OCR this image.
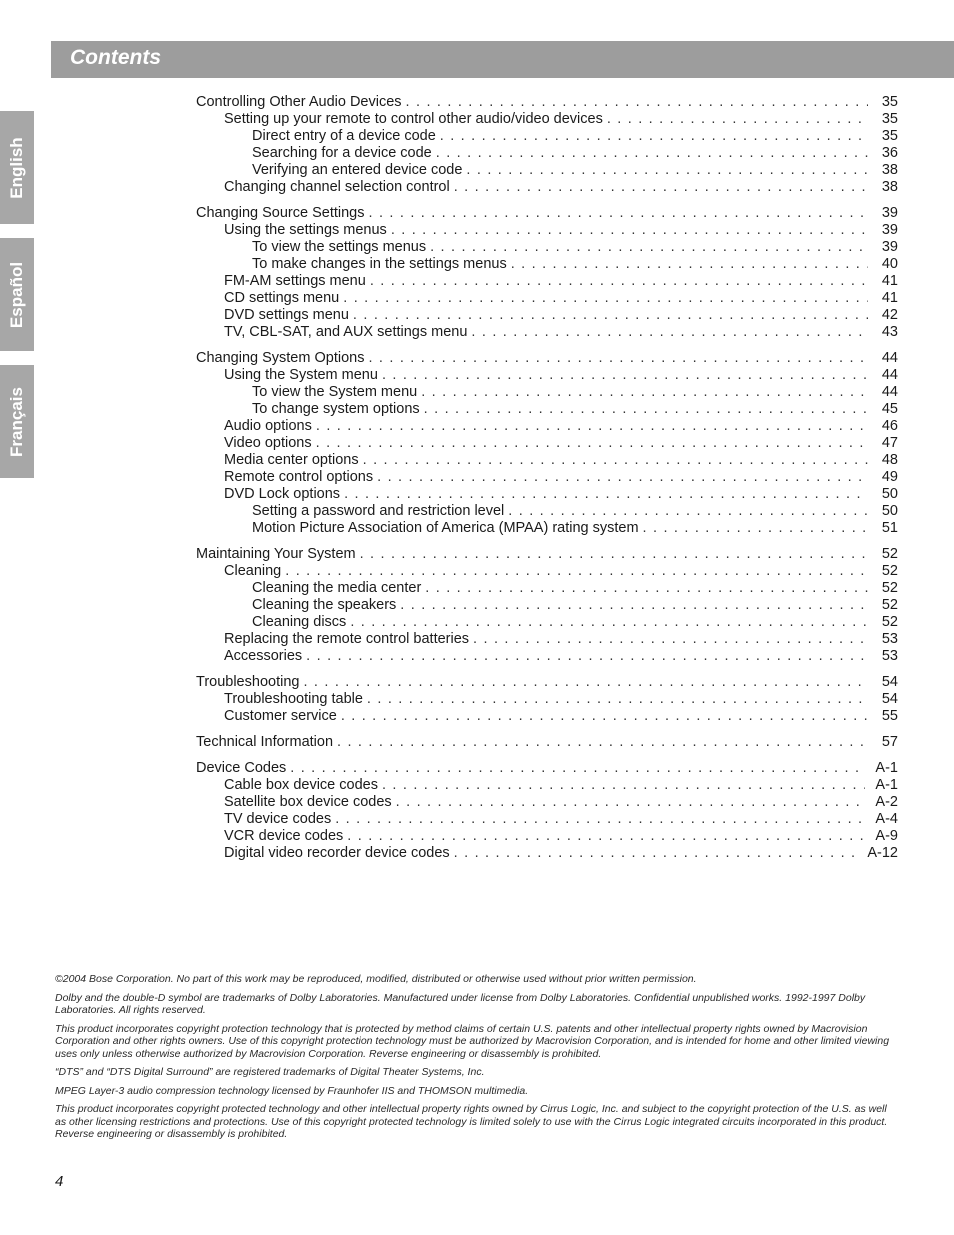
Contents
English
Español
Français
Controlling Other Audio Devices . . .	35
Setting up your remote to control other audio/video devices . . .	35
Direct entry of a device code . . .	35
Searching for a device code . . .	36
Verifying an entered device code . . .	38
Changing channel selection control . . .	38
Changing Source Settings . . .	39
Using the settings menus . . .	39
To view the settings menus . . .	39
To make changes in the settings menus . . .	40
FM-AM settings menu . . .	41
CD settings menu . . .	41
DVD settings menu . . .	42
TV, CBL-SAT, and AUX settings menu . . .	43
Changing System Options . . .	44
Using the System menu . . .	44
To view the System menu . . .	44
To change system options . . .	45
Audio options . . .	46
Video options . . .	47
Media center options . . .	48
Remote control options . . .	49
DVD Lock options . . .	50
Setting a password and restriction level . . .	50
Motion Picture Association of America (MPAA) rating system . . .	51
Maintaining Your System . . .	52
Cleaning . . .	52
Cleaning the media center . . .	52
Cleaning the speakers . . .	52
Cleaning discs . . .	52
Replacing the remote control batteries . . .	53
Accessories . . .	53
Troubleshooting . . .	54
Troubleshooting table . . .	54
Customer service . . .	55
Technical Information . . .	57
Device Codes . . .	A-1
Cable box device codes . . .	A-1
Satellite box device codes . . .	A-2
TV device codes . . .	A-4
VCR device codes . . .	A-9
Digital video recorder device codes . . .	A-12

©2004 Bose Corporation. No part of this work may be reproduced, modified, distributed or otherwise used without prior written permission.

Dolby and the double-D symbol are trademarks of Dolby Laboratories. Manufactured under license from Dolby Laboratories. Confidential unpublished works. 1992-1997 Dolby Laboratories. All rights reserved.

This product incorporates copyright protection technology that is protected by method claims of certain U.S. patents and other intellectual property rights owned by Macrovision Corporation and other rights owners. Use of this copyright protection technology must be authorized by Macrovision Corporation, and is intended for home and other limited viewing uses only unless otherwise authorized by Macrovision Corporation. Reverse engineering or disassembly is prohibited.

“DTS” and “DTS Digital Surround” are registered trademarks of Digital Theater Systems, Inc.

MPEG Layer-3 audio compression technology licensed by Fraunhofer IIS and THOMSON multimedia.

This product incorporates copyright protected technology and other intellectual property rights owned by Cirrus Logic, Inc. and subject to the copyright protection of the U.S. as well as other licensing restrictions and protections. Use of this copyright protected technology is limited solely to use with the Cirrus Logic integrated circuits incorporated in this product. Reverse engineering or disassembly is prohibited.

4
